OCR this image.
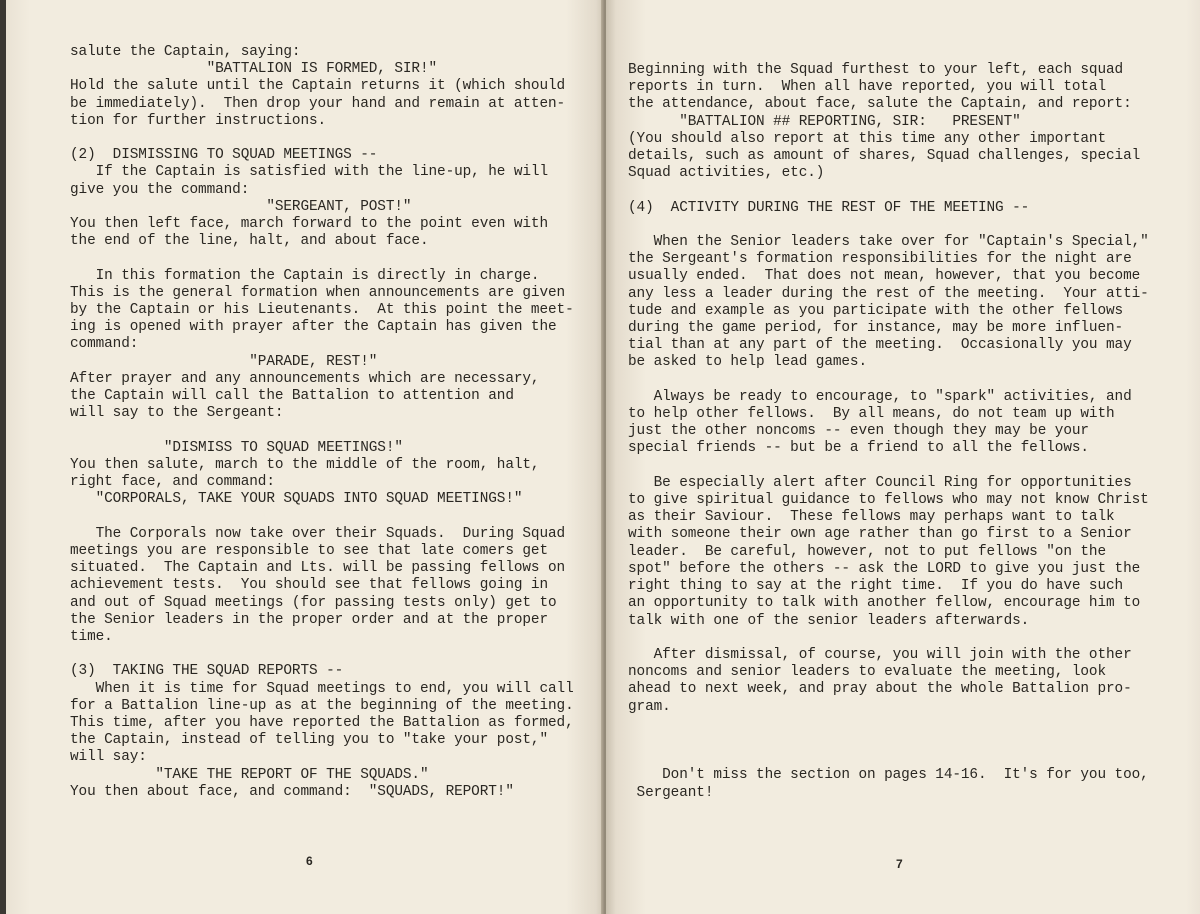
salute the Captain, saying:
"BATTALION IS FORMED, SIR!"
Hold the salute until the Captain returns it (which should
be immediately).  Then drop your hand and remain at atten-
tion for further instructions.

(2)  DISMISSING TO SQUAD MEETINGS --
If the Captain is satisfied with the line-up, he will
give you the command:
"SERGEANT, POST!"
You then left face, march forward to the point even with
the end of the line, halt, and about face.

In this formation the Captain is directly in charge.
This is the general formation when announcements are given
by the Captain or his Lieutenants.  At this point the meet-
ing is opened with prayer after the Captain has given the
command:
"PARADE, REST!"
After prayer and any announcements which are necessary,
the Captain will call the Battalion to attention and
will say to the Sergeant:

"DISMISS TO SQUAD MEETINGS!"
You then salute, march to the middle of the room, halt,
right face, and command:
"CORPORALS, TAKE YOUR SQUADS INTO SQUAD MEETINGS!"

The Corporals now take over their Squads.  During Squad
meetings you are responsible to see that late comers get
situated.  The Captain and Lts. will be passing fellows on
achievement tests.  You should see that fellows going in
and out of Squad meetings (for passing tests only) get to
the Senior leaders in the proper order and at the proper
time.

(3)  TAKING THE SQUAD REPORTS --
When it is time for Squad meetings to end, you will call
for a Battalion line-up as at the beginning of the meeting.
This time, after you have reported the Battalion as formed,
the Captain, instead of telling you to "take your post,"
will say:
"TAKE THE REPORT OF THE SQUADS."
You then about face, and command:  "SQUADS, REPORT!"
6
Beginning with the Squad furthest to your left, each squad
reports in turn.  When all have reported, you will total
the attendance, about face, salute the Captain, and report:
"BATTALION ## REPORTING, SIR:   PRESENT"
(You should also report at this time any other important
details, such as amount of shares, Squad challenges, special
Squad activities, etc.)

(4)  ACTIVITY DURING THE REST OF THE MEETING --

When the Senior leaders take over for "Captain's Special,"
the Sergeant's formation responsibilities for the night are
usually ended.  That does not mean, however, that you become
any less a leader during the rest of the meeting.  Your atti-
tude and example as you participate with the other fellows
during the game period, for instance, may be more influen-
tial than at any part of the meeting.  Occasionally you may
be asked to help lead games.

Always be ready to encourage, to "spark" activities, and
to help other fellows.  By all means, do not team up with
just the other noncoms -- even though they may be your
special friends -- but be a friend to all the fellows.

Be especially alert after Council Ring for opportunities
to give spiritual guidance to fellows who may not know Christ
as their Saviour.  These fellows may perhaps want to talk
with someone their own age rather than go first to a Senior
leader.  Be careful, however, not to put fellows "on the
spot" before the others -- ask the LORD to give you just the
right thing to say at the right time.  If you do have such
an opportunity to talk with another fellow, encourage him to
talk with one of the senior leaders afterwards.

After dismissal, of course, you will join with the other
noncoms and senior leaders to evaluate the meeting, look
ahead to next week, and pray about the whole Battalion pro-
gram.

Don't miss the section on pages 14-16.  It's for you too,
Sergeant!
7
